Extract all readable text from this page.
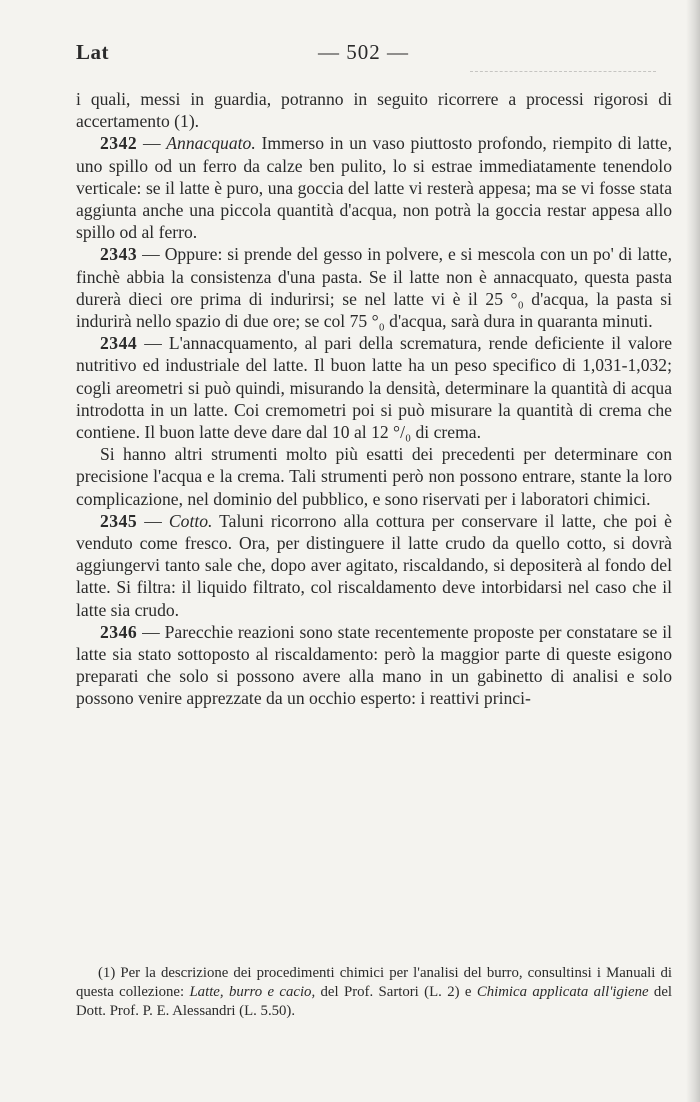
Lat	— 502 —

i quali, messi in guardia, potranno in seguito ricorrere a processi rigorosi di accertamento (1).

2342 — Annacquato. Immerso in un vaso piuttosto profondo, riempito di latte, uno spillo od un ferro da calze ben pulito, lo si estrae immediatamente tenendolo verticale: se il latte è puro, una goccia del latte vi resterà appesa; ma se vi fosse stata aggiunta anche una piccola quantità d'acqua, non potrà la goccia restar appesa allo spillo od al ferro.

2343 — Oppure: si prende del gesso in polvere, e si mescola con un po' di latte, finchè abbia la consistenza d'una pasta. Se il latte non è annacquato, questa pasta durerà dieci ore prima di indurirsi; se nel latte vi è il 25 °₀ d'acqua, la pasta si indurirà nello spazio di due ore; se col 75 °₀ d'acqua, sarà dura in quaranta minuti.

2344 — L'annacquamento, al pari della scrematura, rende deficiente il valore nutritivo ed industriale del latte. Il buon latte ha un peso specifico di 1,031-1,032; cogli areometri si può quindi, misurando la densità, determinare la quantità di acqua introdotta in un latte. Coi cremometri poi si può misurare la quantità di crema che contiene. Il buon latte deve dare dal 10 al 12 °/₀ di crema.

Si hanno altri strumenti molto più esatti dei precedenti per determinare con precisione l'acqua e la crema. Tali strumenti però non possono entrare, stante la loro complicazione, nel dominio del pubblico, e sono riservati per i laboratori chimici.

2345 — Cotto. Taluni ricorrono alla cottura per conservare il latte, che poi è venduto come fresco. Ora, per distinguere il latte crudo da quello cotto, si dovrà aggiungervi tanto sale che, dopo aver agitato, riscaldando, si depositerà al fondo del latte. Si filtra: il liquido filtrato, col riscaldamento deve intorbidarsi nel caso che il latte sia crudo.

2346 — Parecchie reazioni sono state recentemente proposte per constatare se il latte sia stato sottoposto al riscaldamento: però la maggior parte di queste esigono preparati che solo si possono avere alla mano in un gabinetto di analisi e solo possono venire apprezzate da un occhio esperto: i reattivi princi-

(1) Per la descrizione dei procedimenti chimici per l'analisi del burro, consultinsi i Manuali di questa collezione: Latte, burro e cacio, del Prof. Sartori (L. 2) e Chimica applicata all'igiene del Dott. Prof. P. E. Alessandri (L. 5.50).
